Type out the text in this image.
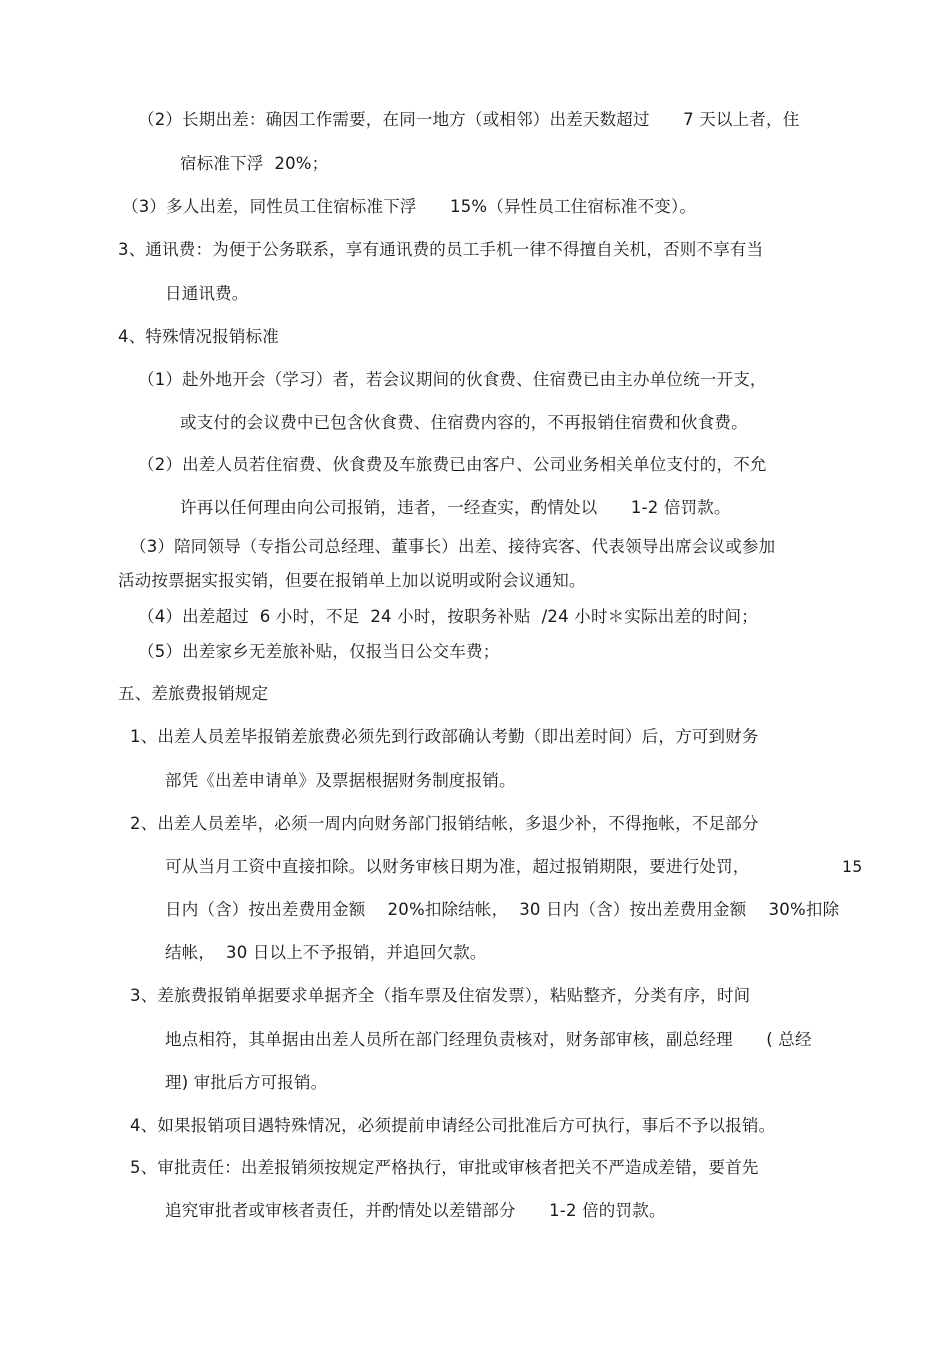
（2）长期出差：确因工作需要，在同一地方（或相邻）出差天数超过　　7 天以上者，住
宿标准下浮  20%；
（3）多人出差，同性员工住宿标准下浮　　15%（异性员工住宿标准不变）。
3、通讯费：为便于公务联系，享有通讯费的员工手机一律不得擅自关机，否则不享有当
日通讯费。
4、特殊情况报销标准
（1）赴外地开会（学习）者，若会议期间的伙食费、住宿费已由主办单位统一开支，
或支付的会议费中已包含伙食费、住宿费内容的，不再报销住宿费和伙食费。
（2）出差人员若住宿费、伙食费及车旅费已由客户、公司业务相关单位支付的，不允
许再以任何理由向公司报销，违者，一经查实，酌情处以　　1-2 倍罚款。
（3）陪同领导（专指公司总经理、董事长）出差、接待宾客、代表领导出席会议或参加
活动按票据实报实销，但要在报销单上加以说明或附会议通知。
（4）出差超过  6 小时，不足  24 小时，按职务补贴  /24 小时＊实际出差的时间；
（5）出差家乡无差旅补贴，仅报当日公交车费；
五、差旅费报销规定
1、出差人员差毕报销差旅费必须先到行政部确认考勤（即出差时间）后，方可到财务
部凭《出差申请单》及票据根据财务制度报销。
2、出差人员差毕，必须一周内向财务部门报销结帐，多退少补，不得拖帐，不足部分
可从当月工资中直接扣除。以财务审核日期为准，超过报销期限，要进行处罚，	15
日内（含）按出差费用金额　 20%扣除结帐，  30 日内（含）按出差费用金额　 30%扣除
结帐，  30 日以上不予报销，并追回欠款。
3、差旅费报销单据要求单据齐全（指车票及住宿发票），粘贴整齐，分类有序，时间
地点相符，其单据由出差人员所在部门经理负责核对，财务部审核，副总经理　　( 总经
理) 审批后方可报销。
4、如果报销项目遇特殊情况，必须提前申请经公司批准后方可执行，事后不予以报销。
5、审批责任：出差报销须按规定严格执行，审批或审核者把关不严造成差错，要首先
追究审批者或审核者责任，并酌情处以差错部分　　1-2 倍的罚款。
